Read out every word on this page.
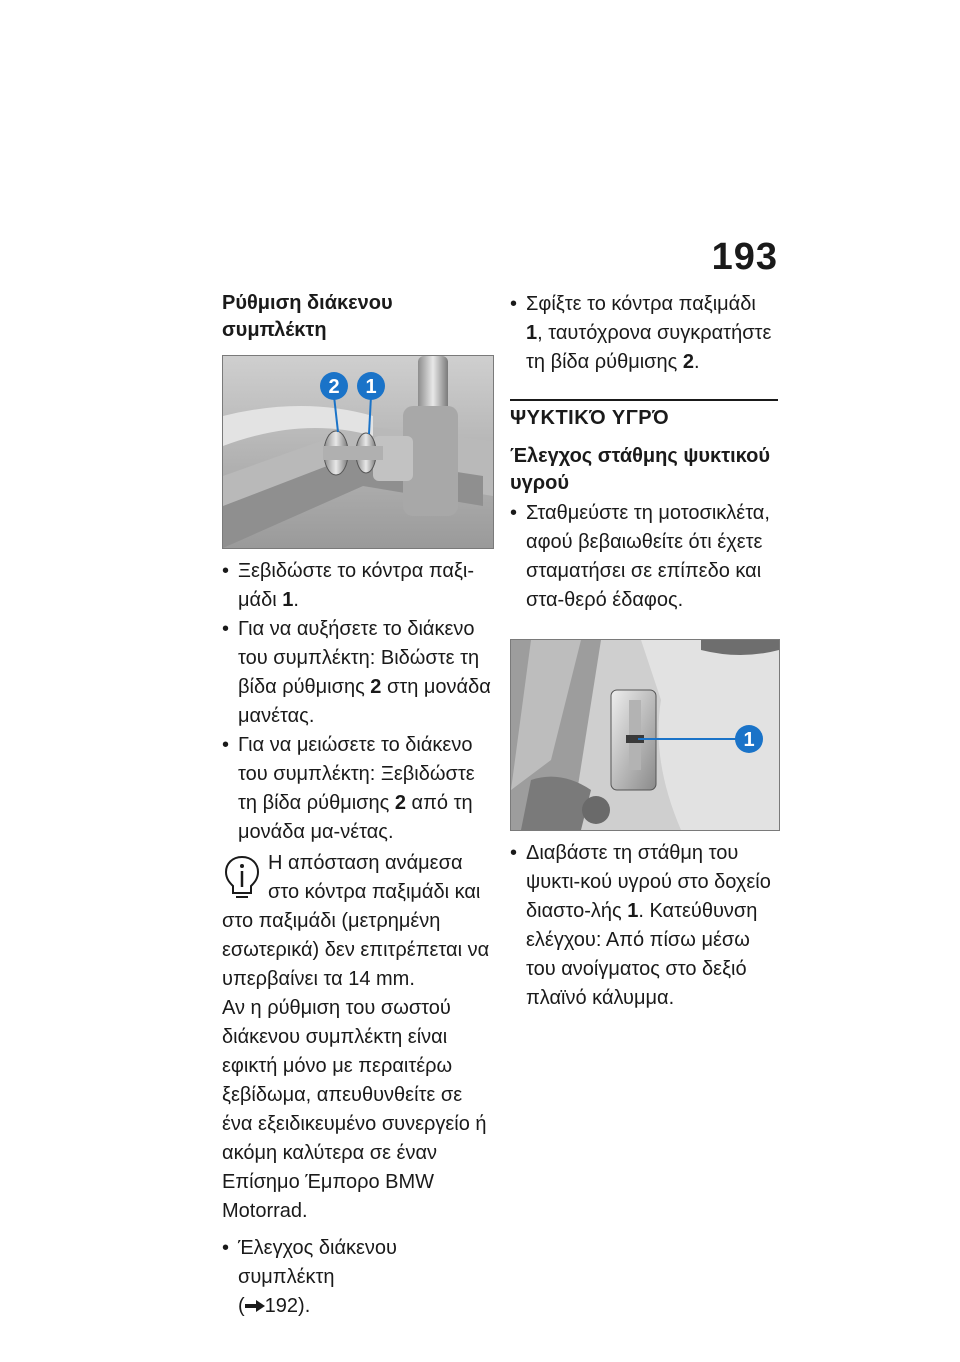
193
Ρύθμιση διάκενου συμπλέκτη
2 1
• Ξεβιδώστε το κόντρα παξι-μάδι 1.
• Για να αυξήσετε το διάκενο του συμπλέκτη: Βιδώστε τη βίδα ρύθμισης 2 στη μονάδα μανέτας.
• Για να μειώσετε το διάκενο του συμπλέκτη: Ξεβιδώστε τη βίδα ρύθμισης 2 από τη μονάδα μα-νέτας.

Η απόσταση ανάμεσα στο κόντρα παξιμάδι και στο παξιμάδι (μετρημένη εσωτερικά) δεν επιτρέπεται να υπερβαίνει τα 14 mm.

Αν η ρύθμιση του σωστού διάκενου συμπλέκτη είναι εφικτή μόνο με περαιτέρω ξεβίδωμα, απευθυνθείτε σε ένα εξειδικευμένο συνεργείο ή ακόμη καλύτερα σε έναν Επίσημο Έμπορο BMW Motorrad.

• Έλεγχος διάκενου συμπλέκτη
( 192).
• Σφίξτε το κόντρα παξιμάδι 1, ταυτόχρονα συγκρατήστε τη βίδα ρύθμισης 2.
ΨΥΚΤΙΚΌ ΥΓΡΌ
Έλεγχος στάθμης ψυκτικού υγρού
• Σταθμεύστε τη μοτοσικλέτα, αφού βεβαιωθείτε ότι έχετε σταματήσει σε επίπεδο και στα-θερό έδαφος.
1
• Διαβάστε τη στάθμη του ψυκτι-κού υγρού στο δοχείο διαστο-λής 1. Κατεύθυνση ελέγχου: Από πίσω μέσω του ανοίγματος στο δεξιό πλαϊνό κάλυμμα.
